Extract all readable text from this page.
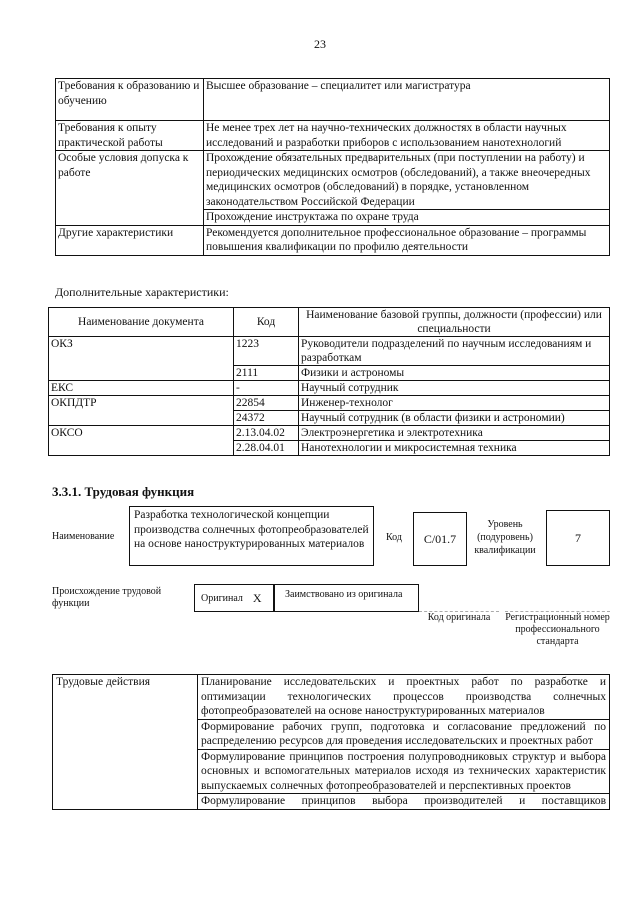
23
Требования к образованию и обучению	Высшее образование – специалитет или магистратура

Требования к опыту практической работы	Не менее трех лет на научно-технических должностях в области научных исследований и разработки приборов с использованием нанотехнологий

Особые условия допуска к работе	Прохождение обязательных предварительных (при поступлении на работу) и периодических медицинских осмотров (обследований), а также внеочередных медицинских осмотров (обследований) в порядке, установленном законодательством Российской Федерации
Прохождение инструктажа по охране труда

Другие характеристики	Рекомендуется дополнительное профессиональное образование – программы повышения квалификации по профилю деятельности
Дополнительные характеристики:
Наименование документа	Код	Наименование базовой группы, должности (профессии) или специальности
ОКЗ	1223	Руководители подразделений по научным исследованиям и разработкам
	2111	Физики и астрономы
ЕКС	-	Научный сотрудник
ОКПДТР	22854	Инженер-технолог
	24372	Научный сотрудник (в области физики и астрономии)
ОКСО	2.13.04.02	Электроэнергетика и электротехника
	2.28.04.01	Нанотехнологии и микросистемная техника
3.3.1. Трудовая функция
Наименование
Разработка технологической концепции производства солнечных фотопреобразователей на основе наноструктурированных материалов
Код C/01.7
Уровень (подуровень) квалификации
7
Происхождение трудовой функции	Оригинал X	Заимствовано из оригинала
Код оригинала Регистрационный номер профессионального стандарта
Трудовые действия	Планирование исследовательских и проектных работ по разработке и оптимизации технологических процессов производства солнечных фотопреобразователей на основе наноструктурированных материалов
Формирование рабочих групп, подготовка и согласование предложений по распределению ресурсов для проведения исследовательских и проектных работ
Формулирование принципов построения полупроводниковых структур и выбора основных и вспомогательных материалов исходя из технических характеристик выпускаемых солнечных фотопреобразователей и перспективных проектов
Формулирование принципов выбора производителей и поставщиков
